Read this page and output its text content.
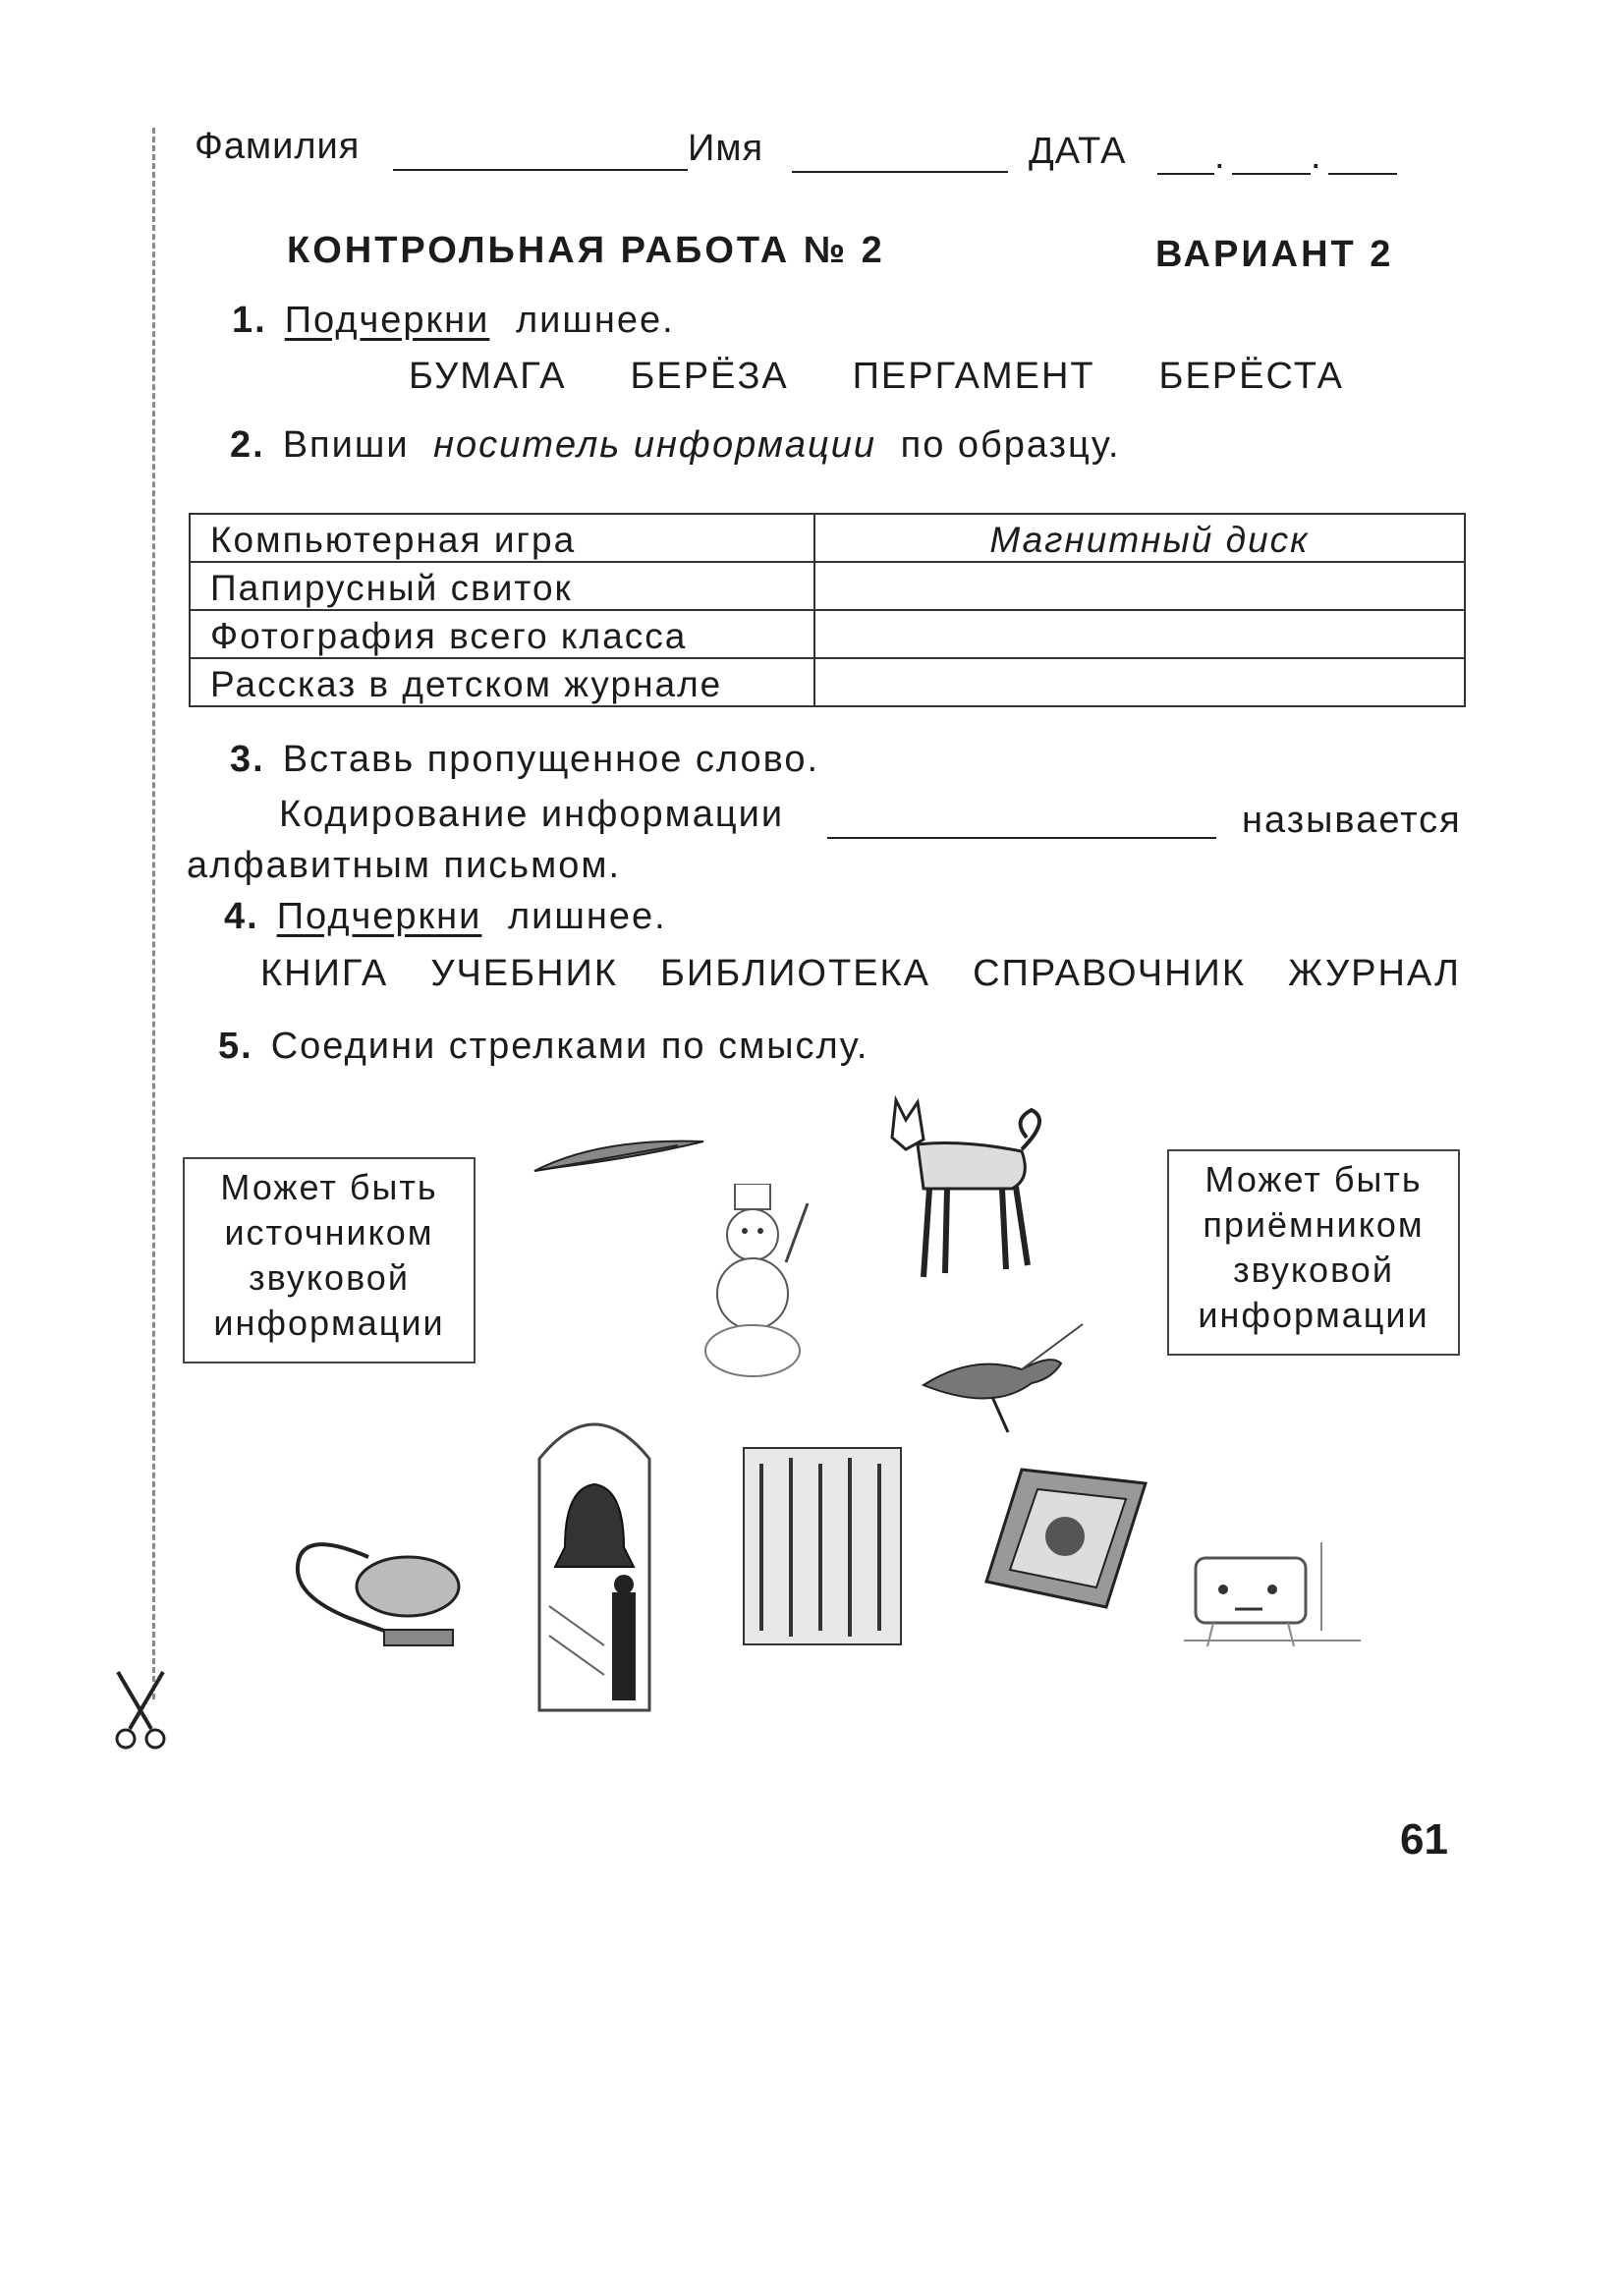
Фамилия	Имя	ДАТА . .
КОНТРОЛЬНАЯ РАБОТА № 2	ВАРИАНТ 2
1. Подчеркни лишнее.
БУМАГА БЕРЁЗА ПЕРГАМЕНТ БЕРЁСТА
2. Впиши носитель информации по образцу.
Компьютерная игра	Магнитный диск
Папирусный свиток	
Фотография всего класса	
Рассказ в детском журнале	
3. Вставь пропущенное слово.
Кодирование информации	называется
алфавитным письмом.
4. Подчеркни лишнее.
КНИГА УЧЕБНИК БИБЛИОТЕКА СПРАВОЧНИК ЖУРНАЛ
5. Соедини стрелками по смыслу.
Может быть
источником
звуковой
информации
Может быть
приёмником
звуковой
информации
61
